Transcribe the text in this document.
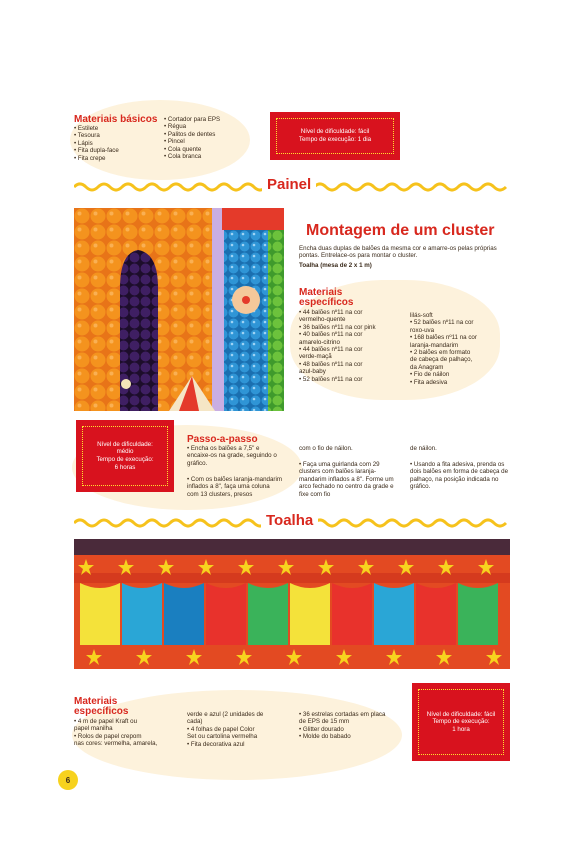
Materiais básicos
• Estilete
• Tesoura
• Lápis
• Fita dupla-face
• Fita crepe
• Cortador para EPS
• Régua
• Palitos de dentes
• Pincel
• Cola quente
• Cola branca
Nível de dificuldade: fácil
Tempo de execução: 1 dia
Painel
Montagem de um cluster
Encha duas duplas de balões da mesma cor e amarre-os pelas próprias pontas. Entrelace-os para montar o cluster.
Toalha (mesa de 2 x 1 m)
Materiais
específicos
• 44 balões nº11 na cor
vermelho-quente
• 36 balões nº11 na cor pink
• 40 balões nº11 na cor
amarelo-citrino
• 44 balões nº11 na cor
verde-maçã
• 48 balões nº11 na cor
azul-baby
• 52 balões nº11 na cor
lilás-soft
• 52 balões nº11 na cor
roxo-uva
• 168 balões nº11 na cor
laranja-mandarim
• 2 balões em formato
de cabeça de palhaço,
da Anagram
• Fio de náilon
• Fita adesiva
Nível de dificuldade:
médio
Tempo de execução:
6 horas
Passo-a-passo
• Encha os balões a 7,5" e encaixe-os na grade, seguindo o gráfico.
• Com os balões laranja-mandarim inflados a 8", faça uma coluna com 13 clusters, presos
com o fio de náilon.
• Faça uma guirlanda com 29 clusters com balões laranja-mandarim inflados a 8". Forme um arco fechado no centro da grade e fixe com fio
de náilon.
• Usando a fita adesiva, prenda os dois balões em forma de cabeça de palhaço, na posição indicada no gráfico.
Toalha
Materiais
específicos
• 4 m de papel Kraft ou
papel manilha
• Rolos de papel crepom
nas cores: vermelha, amarela,
verde e azul (2 unidades de
cada)
• 4 folhas de papel Color
Set ou cartolina vermelha
• Fita decorativa azul
• 36 estrelas cortadas em placa
de EPS de 15 mm
• Glitter dourado
• Molde do babado
Nível de dificuldade: fácil
Tempo de execução:
1 hora
6
